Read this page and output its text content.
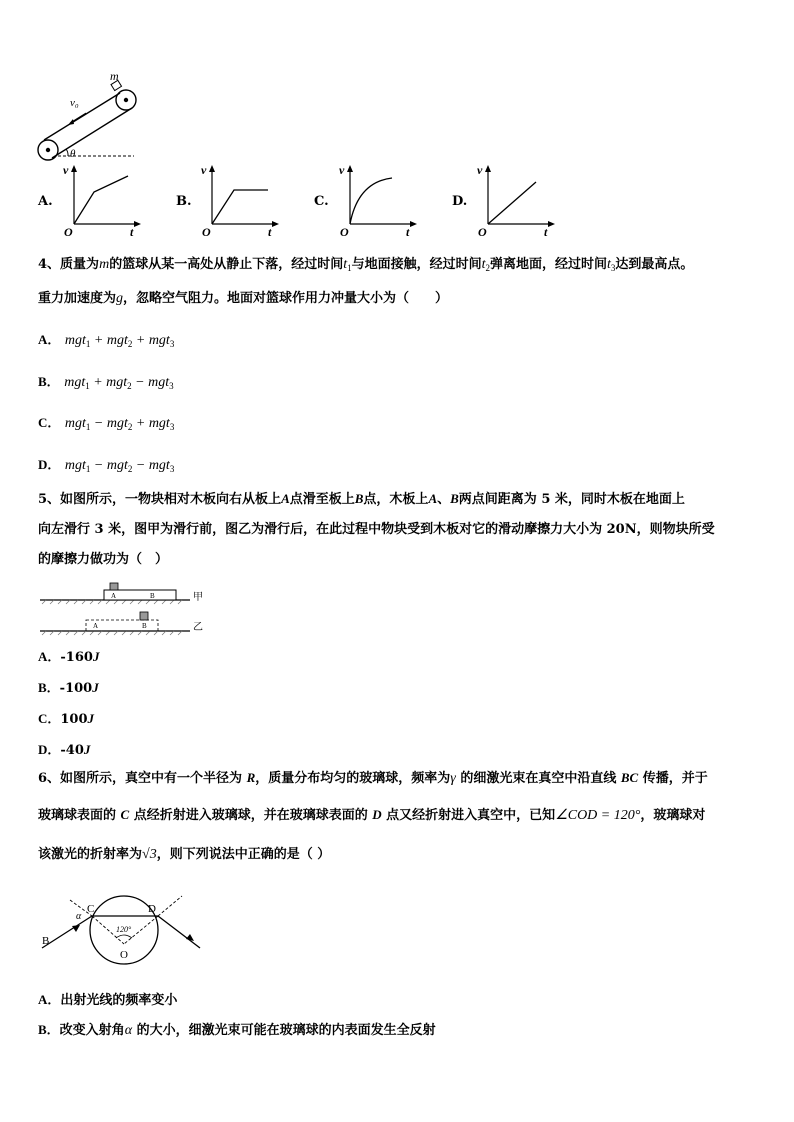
m
v₀
θ
A.
v
t
O
B.
v
t
O
C.
v
t
O
D.
v
t
O
4、质量为m的篮球从某一高处从静止下落，经过时间$t_1$与地面接触，经过时间$t_2$弹离地面，经过时间$t_3$达到最高点。
重力加速度为g，忽略空气阻力。地面对篮球作用力冲量大小为（　　）
A． mgt$_1$ + mgt$_2$ + mgt$_3$
B． mgt$_1$ + mgt$_2$ − mgt$_3$
C． mgt$_1$ − mgt$_2$ + mgt$_3$
D． mgt$_1$ − mgt$_2$ − mgt$_3$
5、如图所示，一物块相对木板向右从板上A点滑至板上B点，木板上A、B两点间距离为 5 米，同时木板在地面上
向左滑行 3 米，图甲为滑行前，图乙为滑行后，在此过程中物块受到木板对它的滑动摩擦力大小为 20N，则物块所受
的摩擦力做功为（　）
A	B	甲
A	B	乙
A．-160J
B．-100J
C．100J
D．-40J
6、如图所示，真空中有一个半径为 R，质量分布均匀的玻璃球，频率为γ 的细激光束在真空中沿直线 BC 传播，并于
玻璃球表面的 C 点经折射进入玻璃球，并在玻璃球表面的 D 点又经折射进入真空中，已知∠COD = 120°，玻璃球对
该激光的折射率为√3，则下列说法中正确的是（ ）
B
C	D
O
α
120°
A．出射光线的频率变小
B．改变入射角α 的大小，细激光束可能在玻璃球的内表面发生全反射
